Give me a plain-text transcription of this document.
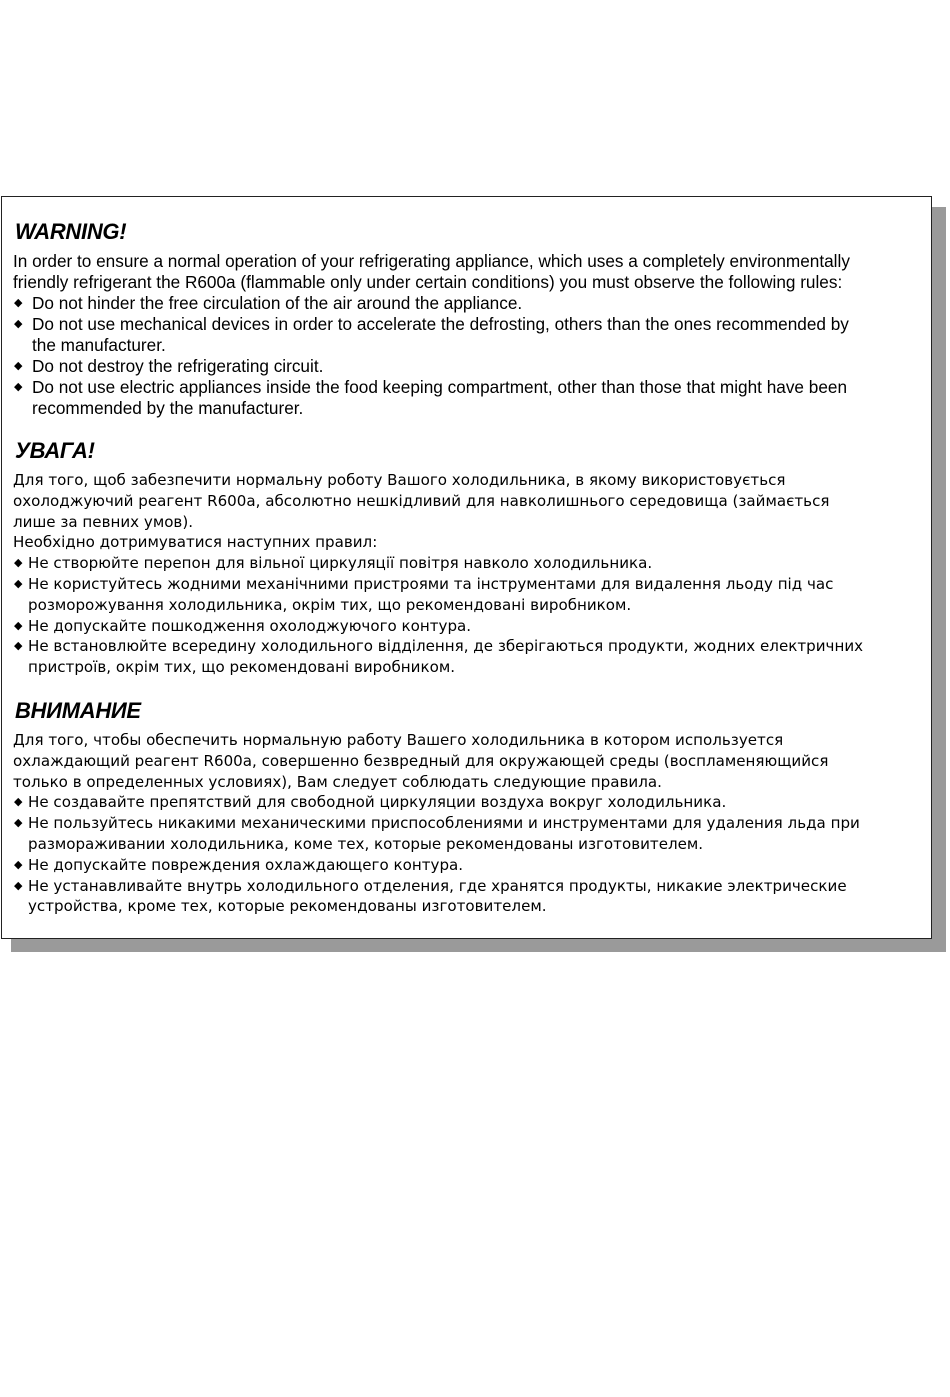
WARNING!

In order to ensure a normal operation of your refrigerating appliance, which uses a completely environmentally
friendly refrigerant the R600a (flammable only under certain conditions) you must observe the following rules:

◆ Do not hinder the free circulation of the air around the appliance.
◆ Do not use mechanical devices in order to accelerate the defrosting, others than the ones recommended by
the manufacturer.
◆ Do not destroy the refrigerating circuit.
◆ Do not use electric appliances inside the food keeping compartment, other than those that might have been
recommended by the manufacturer.
УВАГА!

Для того, щоб забезпечити нормальну роботу Вашого холодильника, в якому використовується
охолоджуючий реагент R600a, абсолютно нешкідливий для навколишнього середовища (займається
лише за певних умов).
Необхідно дотримуватися наступних правил:

◆ Не створюйте перепон для вільної циркуляції повітря навколо холодильника.
◆ Не користуйтесь жодними механічними пристроями та інструментами для видалення льоду під час
розморожування холодильника, окрім тих, що рекомендовані виробником.
◆ Не допускайте пошкодження охолоджуючого контура.
◆ Не встановлюйте всередину холодильного відділення, де зберігаються продукти, жодних електричних
пристроїв, окрім тих, що рекомендовані виробником.
ВНИМАНИЕ

Для того, чтобы обеспечить нормальную работу Вашего холодильника в котором используется
охлаждающий реагент R600a, совершенно безвредный для окружающей среды (воспламеняющийся
только в определенных условиях), Вам следует соблюдать следующие правила.

◆ Не создавайте препятствий для свободной циркуляции воздуха вокруг холодильника.
◆ Не пользуйтесь никакими механическими приспособлениями и инструментами для удаления льда при
размораживании холодильника, коме тех, которые рекомендованы изготовителем.
◆ Не допускайте повреждения охлаждающего контура.
◆ Не устанавливайте внутрь холодильного отделения, где хранятся продукты, никакие электрические
устройства, кроме тех, которые рекомендованы изготовителем.
